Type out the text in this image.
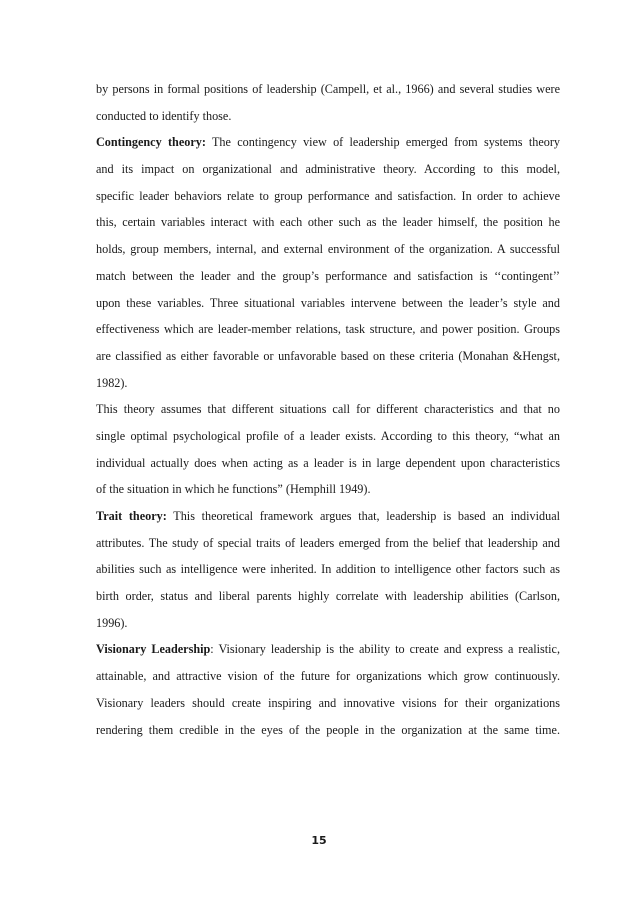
by persons in formal positions of leadership (Campell, et al., 1966) and several studies were
conducted to identify those.
Contingency theory: The contingency view of leadership emerged from systems theory
and its impact on organizational and administrative theory. According to this model,
specific leader behaviors relate to group performance and satisfaction. In order to achieve
this, certain variables interact with each other such as the leader himself, the position he
holds, group members, internal, and external environment of the organization. A successful
match between the leader and the group’s performance and satisfaction is ‘‘contingent’’
upon these variables. Three situational variables intervene between the leader’s style and
effectiveness which are leader-member relations, task structure, and power position. Groups
are classified as either favorable or unfavorable based on these criteria (Monahan &Hengst,
1982).
This theory assumes that different situations call for different characteristics and that no
single optimal psychological profile of a leader exists. According to this theory, “what an
individual actually does when acting as a leader is in large dependent upon characteristics
of the situation in which he functions” (Hemphill 1949).
Trait theory: This theoretical framework argues that, leadership is based an individual
attributes. The study of special traits of leaders emerged from the belief that leadership and
abilities such as intelligence were inherited. In addition to intelligence other factors such as
birth order, status and liberal parents highly correlate with leadership abilities (Carlson,
1996).
Visionary Leadership: Visionary leadership is the ability to create and express a realistic,
attainable, and attractive vision of the future for organizations which grow continuously.
Visionary leaders should create inspiring and innovative visions for their organizations
rendering them credible in the eyes of the people in the organization at the same time.
15
